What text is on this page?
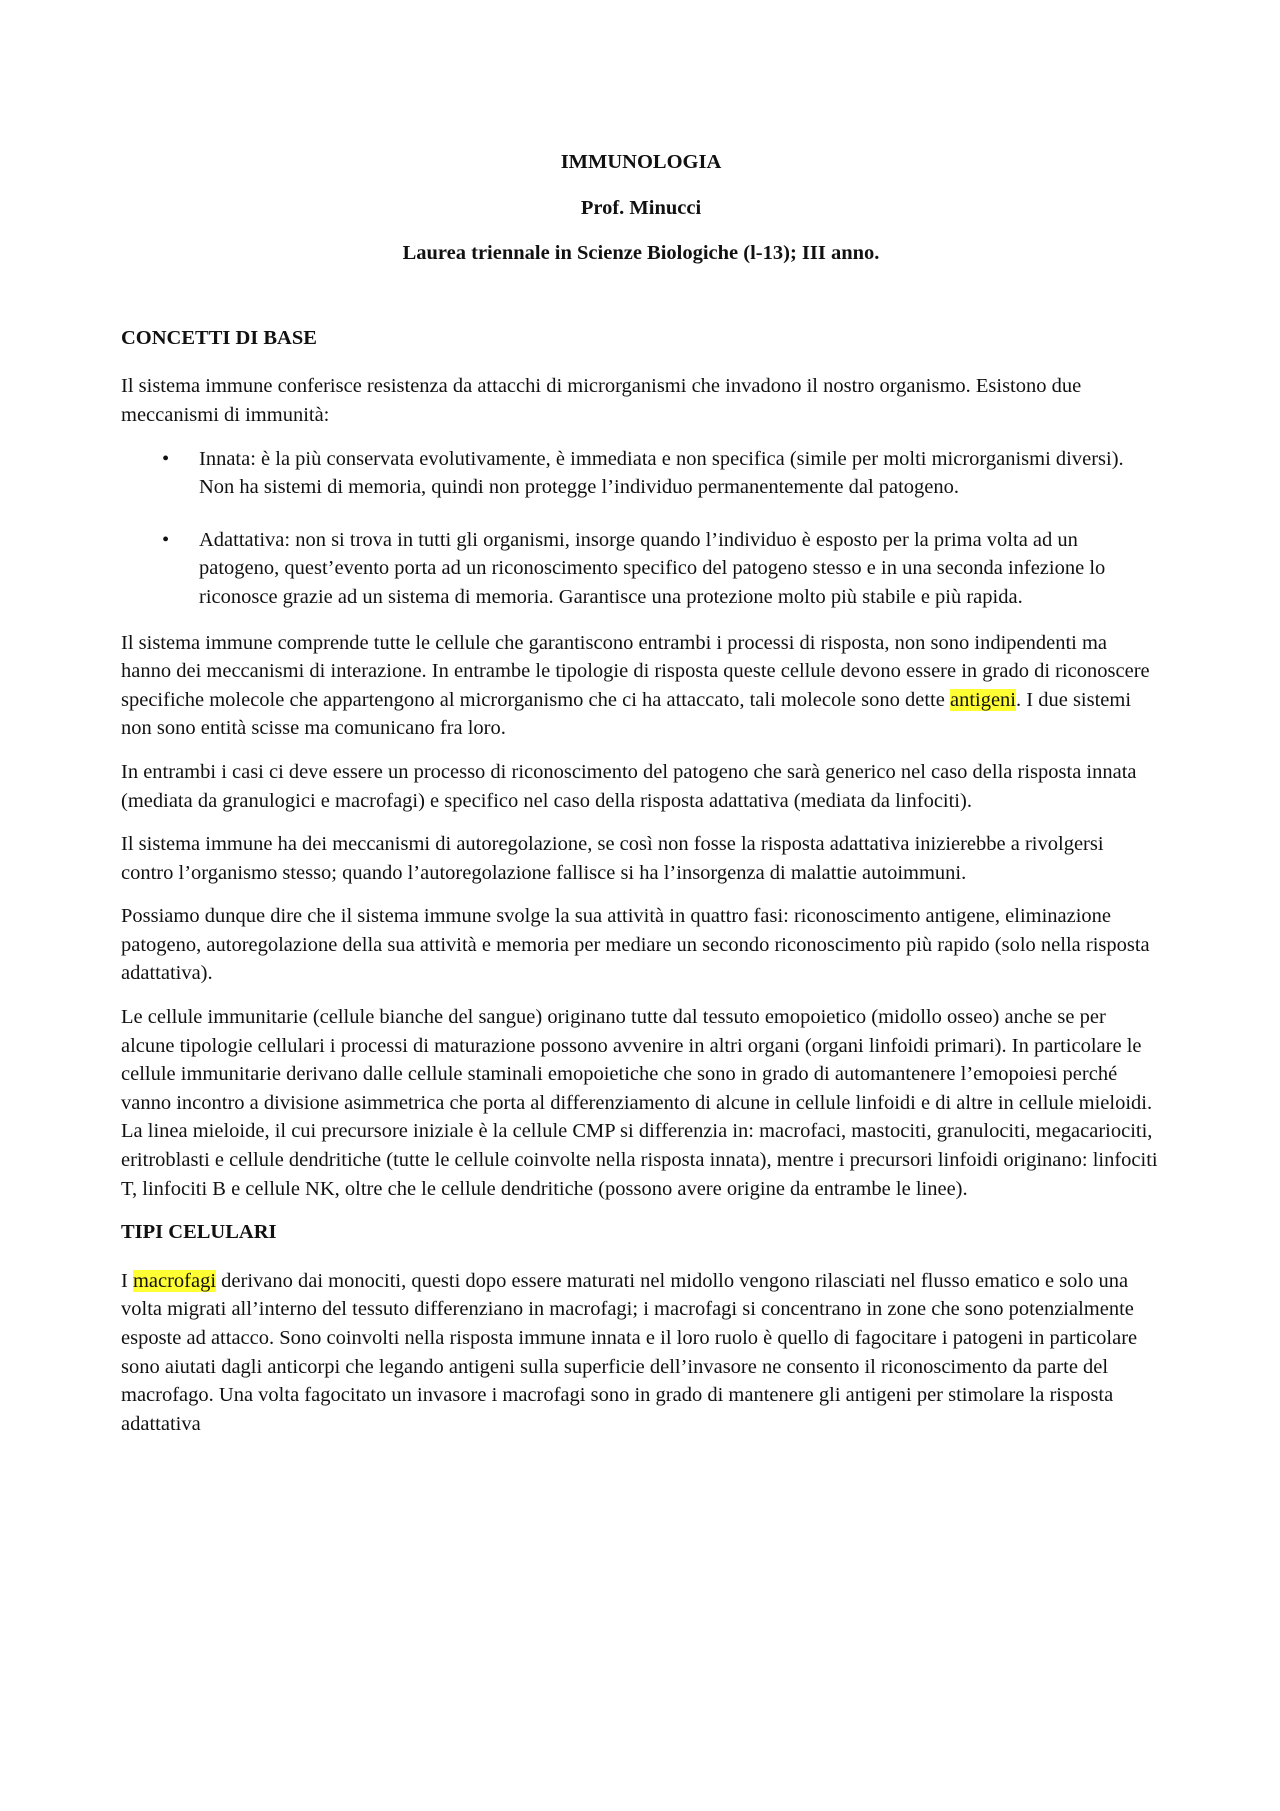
IMMUNOLOGIA

Prof. Minucci

Laurea triennale in Scienze Biologiche (l-13); III anno.

CONCETTI DI BASE

Il sistema immune conferisce resistenza da attacchi di microrganismi che invadono il nostro organismo. Esistono due meccanismi di immunità:

• Innata: è la più conservata evolutivamente, è immediata e non specifica (simile per molti microrganismi diversi). Non ha sistemi di memoria, quindi non protegge l’individuo permanentemente dal patogeno.
• Adattativa: non si trova in tutti gli organismi, insorge quando l’individuo è esposto per la prima volta ad un patogeno, quest’evento porta ad un riconoscimento specifico del patogeno stesso e in una seconda infezione lo riconosce grazie ad un sistema di memoria. Garantisce una protezione molto più stabile e più rapida.

Il sistema immune comprende tutte le cellule che garantiscono entrambi i processi di risposta, non sono indipendenti ma hanno dei meccanismi di interazione. In entrambe le tipologie di risposta queste cellule devono essere in grado di riconoscere specifiche molecole che appartengono al microrganismo che ci ha attaccato, tali molecole sono dette antigeni. I due sistemi non sono entità scisse ma comunicano fra loro.

In entrambi i casi ci deve essere un processo di riconoscimento del patogeno che sarà generico nel caso della risposta innata (mediata da granulogici e macrofagi) e specifico nel caso della risposta adattativa (mediata da linfociti).

Il sistema immune ha dei meccanismi di autoregolazione, se così non fosse la risposta adattativa inizierebbe a rivolgersi contro l’organismo stesso; quando l’autoregolazione fallisce si ha l’insorgenza di malattie autoimmuni.

Possiamo dunque dire che il sistema immune svolge la sua attività in quattro fasi: riconoscimento antigene, eliminazione patogeno, autoregolazione della sua attività e memoria per mediare un secondo riconoscimento più rapido (solo nella risposta adattativa).

Le cellule immunitarie (cellule bianche del sangue) originano tutte dal tessuto emopoietico (midollo osseo) anche se per alcune tipologie cellulari i processi di maturazione possono avvenire in altri organi (organi linfoidi primari). In particolare le cellule immunitarie derivano dalle cellule staminali emopoietiche che sono in grado di automantenere l’emopoiesi perché vanno incontro a divisione asimmetrica che porta al differenziamento di alcune in cellule linfoidi e di altre in cellule mieloidi. La linea mieloide, il cui precursore iniziale è la cellule CMP si differenzia in: macrofaci, mastociti, granulociti, megacariociti, eritroblasti e cellule dendritiche (tutte le cellule coinvolte nella risposta innata), mentre i precursori linfoidi originano: linfociti T, linfociti B e cellule NK, oltre che le cellule dendritiche (possono avere origine da entrambe le linee).

TIPI CELULARI

I macrofagi derivano dai monociti, questi dopo essere maturati nel midollo vengono rilasciati nel flusso ematico e solo una volta migrati all’interno del tessuto differenziano in macrofagi; i macrofagi si concentrano in zone che sono potenzialmente esposte ad attacco. Sono coinvolti nella risposta immune innata e il loro ruolo è quello di fagocitare i patogeni in particolare sono aiutati dagli anticorpi che legando antigeni sulla superficie dell’invasore ne consento il riconoscimento da parte del macrofago. Una volta fagocitato un invasore i macrofagi sono in grado di mantenere gli antigeni per stimolare la risposta adattativa
